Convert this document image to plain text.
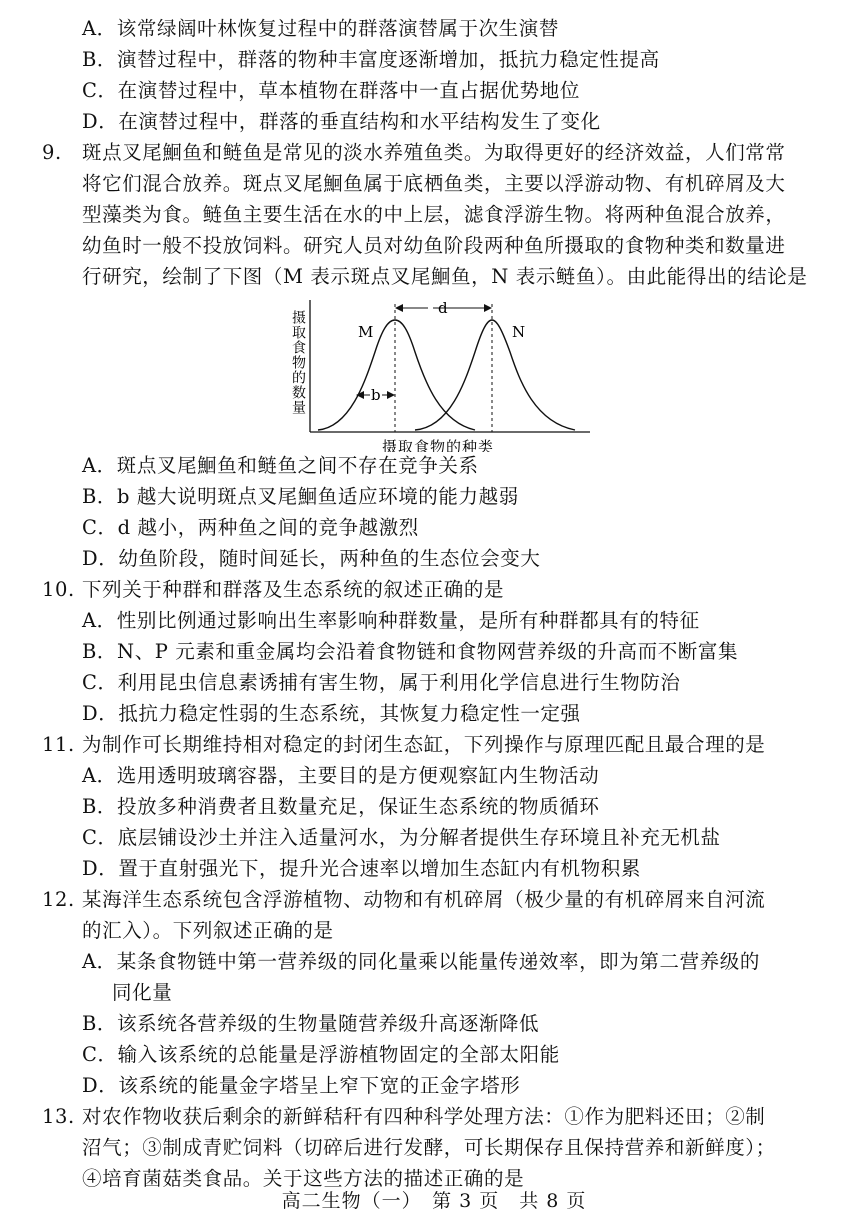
A．该常绿阔叶林恢复过程中的群落演替属于次生演替
B．演替过程中，群落的物种丰富度逐渐增加，抵抗力稳定性提高
C．在演替过程中，草本植物在群落中一直占据优势地位
D．在演替过程中，群落的垂直结构和水平结构发生了变化
9. 斑点叉尾鮰鱼和鲢鱼是常见的淡水养殖鱼类。为取得更好的经济效益，人们常常
将它们混合放养。斑点叉尾鮰鱼属于底栖鱼类，主要以浮游动物、有机碎屑及大
型藻类为食。鲢鱼主要生活在水的中上层，滤食浮游生物。将两种鱼混合放养，
幼鱼时一般不投放饲料。研究人员对幼鱼阶段两种鱼所摄取的食物种类和数量进
行研究，绘制了下图（M 表示斑点叉尾鮰鱼，N 表示鲢鱼）。由此能得出的结论是
摄取食物的数量
d
b
M	N
摄取食物的种类
A．斑点叉尾鮰鱼和鲢鱼之间不存在竞争关系
B．b 越大说明斑点叉尾鮰鱼适应环境的能力越弱
C．d 越小，两种鱼之间的竞争越激烈
D．幼鱼阶段，随时间延长，两种鱼的生态位会变大
10. 下列关于种群和群落及生态系统的叙述正确的是
A．性别比例通过影响出生率影响种群数量，是所有种群都具有的特征
B．N、P 元素和重金属均会沿着食物链和食物网营养级的升高而不断富集
C．利用昆虫信息素诱捕有害生物，属于利用化学信息进行生物防治
D．抵抗力稳定性弱的生态系统，其恢复力稳定性一定强
11. 为制作可长期维持相对稳定的封闭生态缸，下列操作与原理匹配且最合理的是
A．选用透明玻璃容器，主要目的是方便观察缸内生物活动
B．投放多种消费者且数量充足，保证生态系统的物质循环
C．底层铺设沙土并注入适量河水，为分解者提供生存环境且补充无机盐
D．置于直射强光下，提升光合速率以增加生态缸内有机物积累
12. 某海洋生态系统包含浮游植物、动物和有机碎屑（极少量的有机碎屑来自河流
的汇入）。下列叙述正确的是
A．某条食物链中第一营养级的同化量乘以能量传递效率，即为第二营养级的
同化量
B．该系统各营养级的生物量随营养级升高逐渐降低
C．输入该系统的总能量是浮游植物固定的全部太阳能
D．该系统的能量金字塔呈上窄下宽的正金字塔形
13. 对农作物收获后剩余的新鲜秸秆有四种科学处理方法：①作为肥料还田；②制
沼气；③制成青贮饲料（切碎后进行发酵，可长期保存且保持营养和新鲜度）；
④培育菌菇类食品。关于这些方法的描述正确的是
高二生物（一）　第 3 页　共 8 页
